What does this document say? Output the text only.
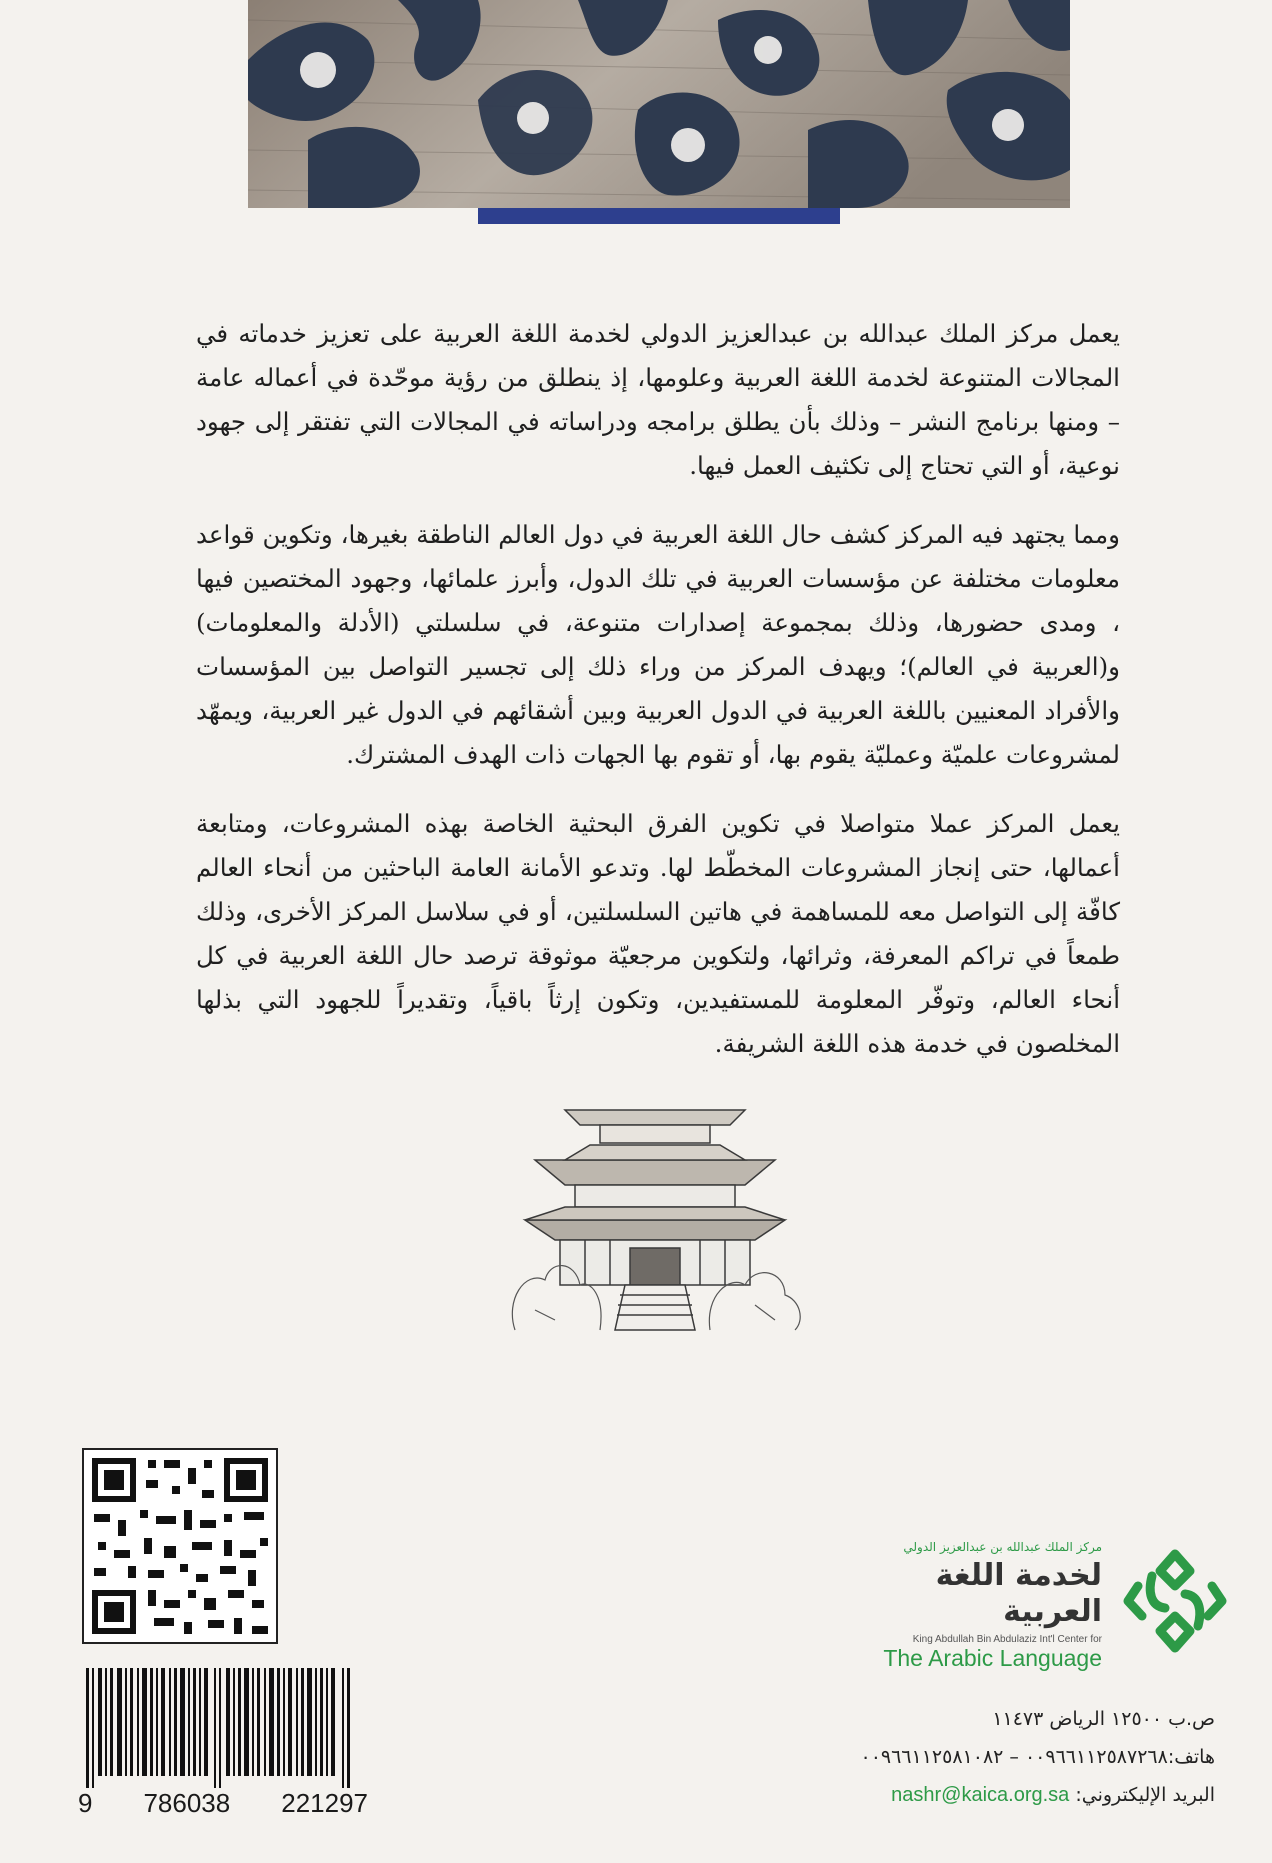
يعمل مركز الملك عبدالله بن عبدالعزيز الدولي لخدمة اللغة العربية على تعزيز خدماته في المجالات المتنوعة لخدمة اللغة العربية وعلومها، إذ ينطلق من رؤية موحّدة في أعماله عامة – ومنها برنامج النشر – وذلك بأن يطلق برامجه ودراساته في المجالات التي تفتقر إلى جهود نوعية، أو التي تحتاج إلى تكثيف العمل فيها.

ومما يجتهد فيه المركز كشف حال اللغة العربية في دول العالم الناطقة بغيرها، وتكوين قواعد معلومات مختلفة عن مؤسسات العربية في تلك الدول، وأبرز علمائها، وجهود المختصين فيها ، ومدى حضورها، وذلك بمجموعة إصدارات متنوعة، في سلسلتي (الأدلة والمعلومات) و(العربية في العالم)؛ ويهدف المركز من وراء ذلك إلى تجسير التواصل بين المؤسسات والأفراد المعنيين باللغة العربية في الدول العربية وبين أشقائهم في الدول غير العربية، ويمهّد لمشروعات علميّة وعمليّة يقوم بها، أو تقوم بها الجهات ذات الهدف المشترك.

يعمل المركز عملا متواصلا في تكوين الفرق البحثية الخاصة بهذه المشروعات، ومتابعة أعمالها، حتى إنجاز المشروعات المخطّط لها. وتدعو الأمانة العامة الباحثين من أنحاء العالم كافّة إلى التواصل معه للمساهمة في هاتين السلسلتين، أو في سلاسل المركز الأخرى، وذلك طمعاً في تراكم المعرفة، وثرائها، ولتكوين مرجعيّة موثوقة ترصد حال اللغة العربية في كل أنحاء العالم، وتوفّر المعلومة للمستفيدين، وتكون إرثاً باقياً، وتقديراً للجهود التي بذلها المخلصون في خدمة هذه اللغة الشريفة.

9 786038 221297
مركز الملك عبدالله بن عبدالعزيز الدولي
لخدمة اللغة العربية
King Abdullah Bin Abdulaziz Int'l Center for
The Arabic Language
ص.ب ١٢٥٠٠ الرياض ١١٤٧٣
هاتف:٠٠٩٦٦١١٢٥٨٧٢٦٨ – ٠٠٩٦٦١١٢٥٨١٠٨٢
البريد الإليكتروني: nashr@kaica.org.sa
